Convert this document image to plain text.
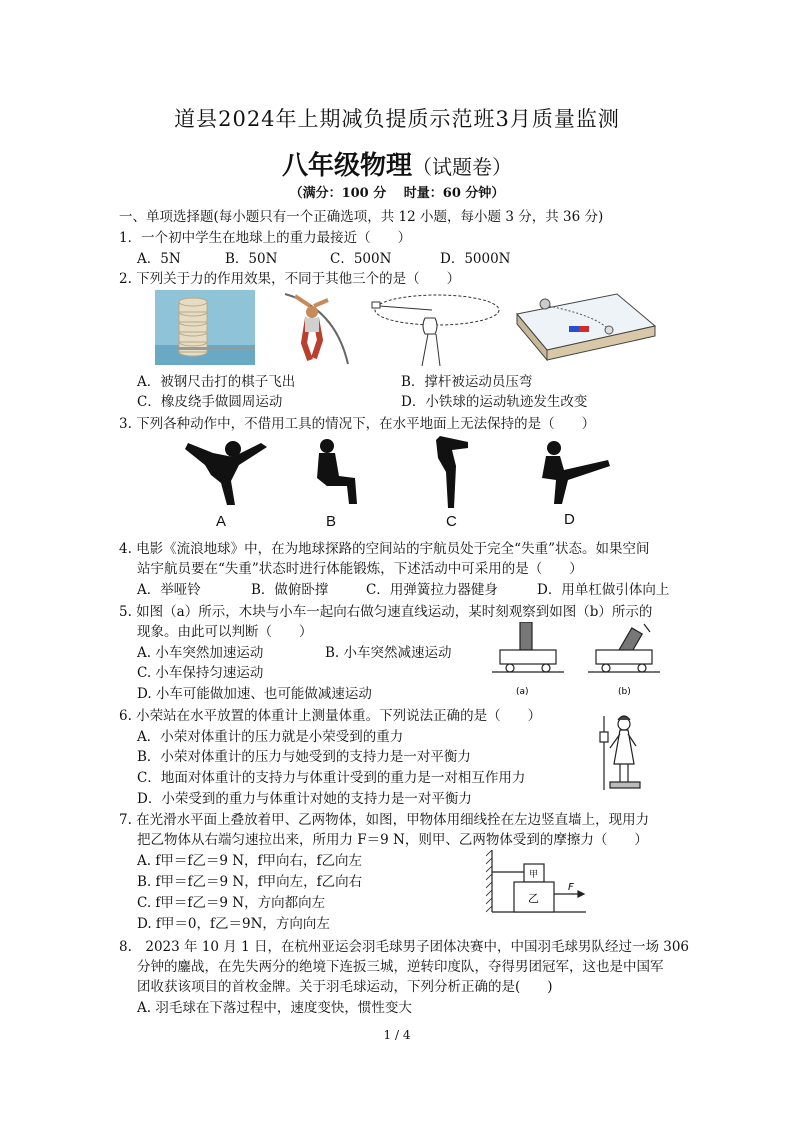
道县2024年上期减负提质示范班3月质量监测
八年级物理（试题卷）
（满分：100 分　 时量：60 分钟）
一、单项选择题(每小题只有一个正确选项，共 12 小题，每小题 3 分，共 36 分)
1．一个初中学生在地球上的重力最接近（　　）
A．5N	B．50N	C．500N	D．5000N
2. 下列关于力的作用效果，不同于其他三个的是（　　）
A．被钢尺击打的棋子飞出	B．撑杆被运动员压弯
C．橡皮绕手做圆周运动	D．小铁球的运动轨迹发生改变
3. 下列各种动作中，不借用工具的情况下，在水平地面上无法保持的是（　　）
A	B	C	D
4. 电影《流浪地球》中，在为地球探路的空间站的宇航员处于完全“失重”状态。如果空间
站宇航员要在“失重”状态时进行体能锻炼，下述活动中可采用的是（　　）
A．举哑铃	B．做俯卧撑	C．用弹簧拉力器健身	D．用单杠做引体向上
5. 如图（a）所示，木块与小车一起向右做匀速直线运动，某时刻观察到如图（b）所示的
现象。由此可以判断（　　）
A. 小车突然加速运动	B. 小车突然减速运动
C. 小车保持匀速运动
D. 小车可能做加速、也可能做减速运动	(a)	(b)
6. 小荣站在水平放置的体重计上测量体重。下列说法正确的是（　　）
A．小荣对体重计的压力就是小荣受到的重力
B．小荣对体重计的压力与她受到的支持力是一对平衡力
C．地面对体重计的支持力与体重计受到的重力是一对相互作用力
D．小荣受到的重力与体重计对她的支持力是一对平衡力
7. 在光滑水平面上叠放着甲、乙两物体，如图，甲物体用细线拴在左边竖直墙上，现用力
把乙物体从右端匀速拉出来，所用力 F＝9 N，则甲、乙两物体受到的摩擦力（　　）
A. f甲＝f乙＝9 N，f甲向右，f乙向左
B. f甲＝f乙＝9 N，f甲向左，f乙向右
C. f甲＝f乙＝9 N，方向都向左
D. f甲＝0，f乙＝9N，方向向左
甲
乙
F
8.　2023 年 10 月 1 日，在杭州亚运会羽毛球男子团体决赛中，中国羽毛球男队经过一场 306
分钟的鏖战，在先失两分的绝境下连扳三城，逆转印度队，夺得男团冠军，这也是中国军
团收获该项目的首枚金牌。关于羽毛球运动，下列分析正确的是(　　)
A. 羽毛球在下落过程中，速度变快，惯性变大
1 / 4
